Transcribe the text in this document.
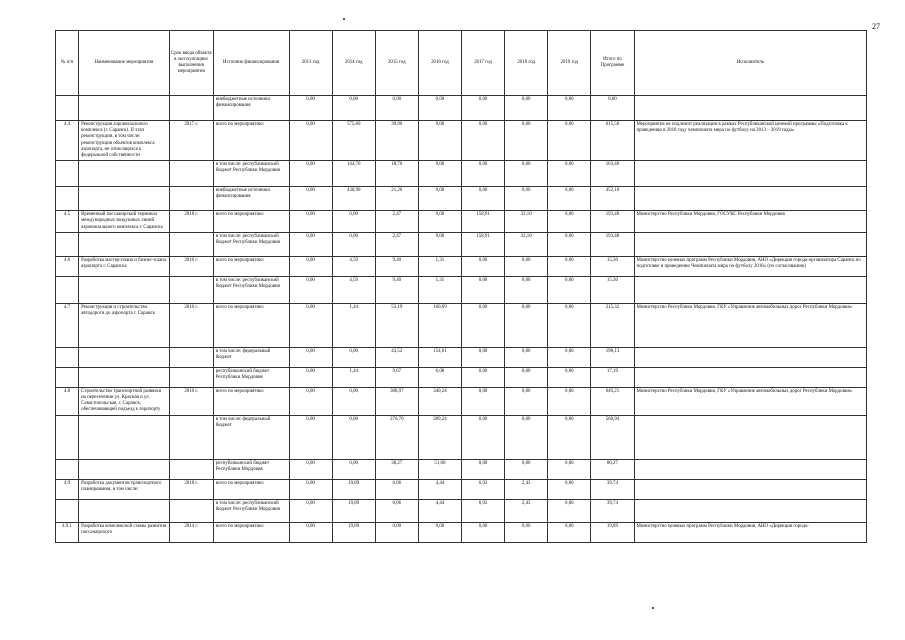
27
№ п/п	Наименование мероприятия	Срок ввода объекта в эксплуатацию/ выполнения мероприятия	Источник финансирования	2013 год	2014 год	2015 год	2016 год	2017 год	2018 год	2019 год	Итого по Программе	Исполнитель
			внебюджетные источники финансирования	0,00	0,00	0,00	0,00	0,00	0,00	0,00	0,00	
4.4	Реконструкция аэровокзального комплекса (г. Саранск). II этап реконструкции, в том числе: реконструкция объектов комплекса аэропорта, не относящихся к федеральной собственности	2017 г.	всего по мероприятию:	0,00	575,60	39,90	0,00	0,00	0,00	0,00	615,50	Мероприятие не подлежит реализации в рамках Республиканской целевой программы «Подготовка к проведению в 2018 году чемпионата мира по футболу на 2013 – 2019 годы»
			в том числе: республиканский бюджет Республики Мордовия	0,00	144,70	18,70	0,00	0,00	0,00	0,00	163,40	
			внебюджетные источники финансирования	0,00	430,90	21,20	0,00	0,00	0,00	0,00	452,10	
4.5	Временный пассажирский терминал международных воздушных линий аэровокзального комплекса г. Саранска	2018 г.	всего по мероприятию:	0,00	0,00	2,47	0,00	158,91	32,10	0,00	193,48	Министерство Республики Мордовия, ГОСУКС Республики Мордовия
			в том числе: республиканский бюджет Республики Мордовия	0,00	0,00	2,47	0,00	158,91	32,10	0,00	193,48	
4.6	Разработка мастер-плана и бизнес-плана аэропорта г. Саранска	2016 г.	всего по мероприятию:	0,00	4,59	9,40	1,31	0,00	0,00	0,00	15,30	Министерство целевых программ Республики Мордовия, АНО «Дирекция города-организатора Саранск по подготовке и проведению Чемпионата мира по футболу 2018» (по согласованию)
			в том числе: республиканский бюджет Республики Мордовия	0,00	4,59	9,40	1,31	0,00	0,00	0,00	15,30	
4.7	Реконструкция и строительство автодороги до аэропорта г. Саранск	2016 г.	всего по мероприятию:	0,00	1,44	53,19	160,69	0,00	0,00	0,00	215,32	Министерство Республики Мордовия, ГКУ «Управление автомобильных дорог Республики Мордовия»
			в том числе: федеральный бюджет	0,00	0,00	43,52	154,61	0,00	0,00	0,00	198,13	
			республиканский бюджет Республики Мордовия	0,00	1,44	9,67	6,08	0,00	0,00	0,00	17,19	
4.8	Строительство транспортной развязки на пересечении ул. Красная и ул. Севастопольская, г. Саранск, обеспечивающей подъезд к аэропорту	2016 г.	всего по мероприятию:	0,00	0,00	308,97	340,24	0,00	0,00	0,00	649,21	Министерство Республики Мордовия, ГКУ «Управление автомобильных дорог Республики Мордовия»
			в том числе: федеральный бюджет	0,00	0,00	270,70	289,24	0,00	0,00	0,00	568,94	
			республиканский бюджет Республики Мордовия	0,00	0,00	38,27	51,00	0,00	0,00	0,00	80,27	
4.9	Разработка документов транспортного планирования, в том числе:	2018 г.	всего по мероприятию:	0,00	19,89	6,06	4,44	6,92	2,43	0,00	39,74	
			в том числе: республиканский бюджет Республики Мордовия	0,00	19,89	6,06	4,44	6,92	2,43	0,00	39,74	
4.9.1	Разработка комплексной схемы развития пассажирского	2014 г.	всего по мероприятию:	0,00	19,89	0,00	0,00	0,00	0,00	0,00	19,89	Министерство целевых программ Республики Мордовия, АНО «Дирекция города-
